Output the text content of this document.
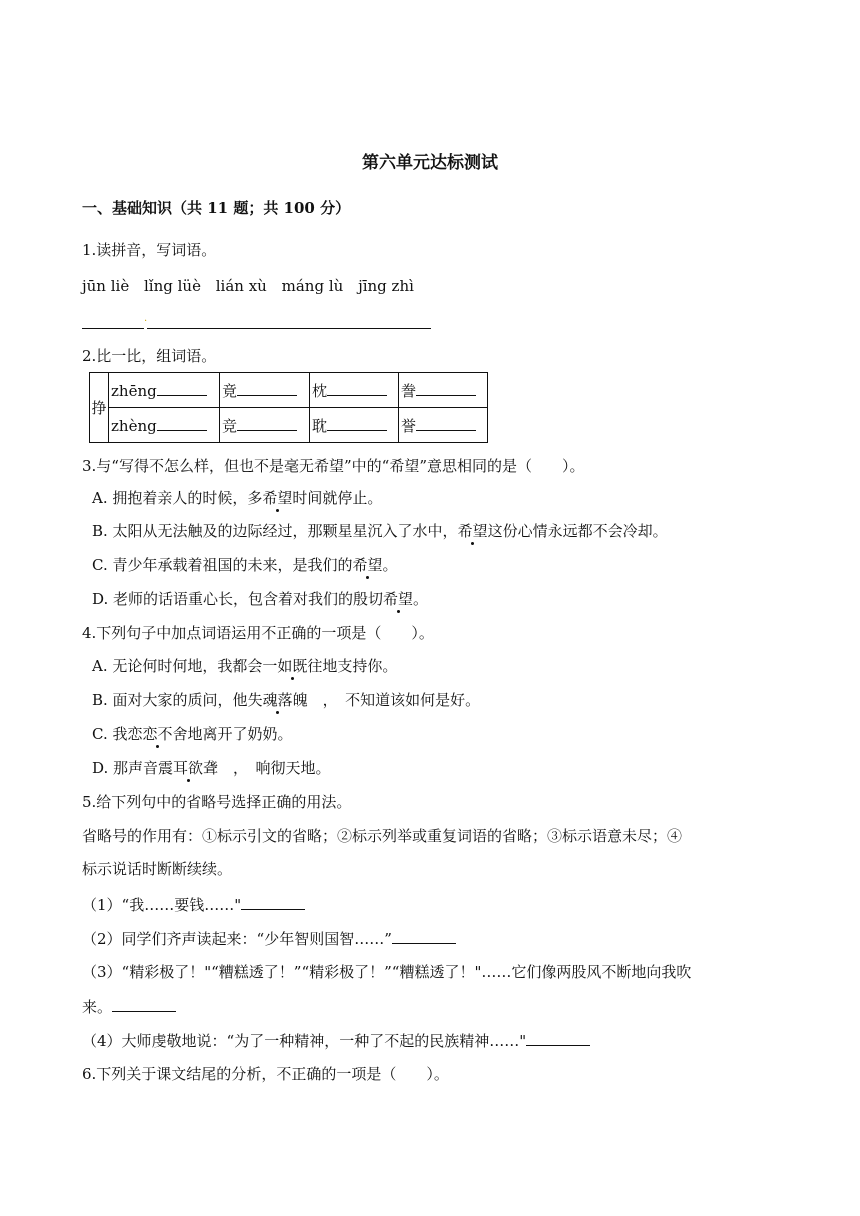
第六单元达标测试
一、基础知识（共 11 题；共 100 分）
1.读拼音，写词语。
jūn liè lǐng lüè lián xù máng lù jīng zhì
.
2.比一比，组词语。
挣	zhēng	竟	枕	誊
	zhèng	竞	耽	誉
3.与“写得不怎么样，但也不是毫无希望”中的“希望”意思相同的是（　　）。
A. 拥抱着亲人的时候，多希望时间就停止。
B. 太阳从无法触及的边际经过，那颗星星沉入了水中，希望这份心情永远都不会冷却。
C. 青少年承载着祖国的未来，是我们的希望。
D. 老师的话语重心长，包含着对我们的殷切希望。
4.下列句子中加点词语运用不正确的一项是（　　）。
A. 无论何时何地，我都会一如既往地支持你。
B. 面对大家的质问，他失魂落魄　，　不知道该如何是好。
C. 我恋恋不舍地离开了奶奶。
D. 那声音震耳欲聋　，　响彻天地。
5.给下列句中的省略号选择正确的用法。
省略号的作用有：①标示引文的省略；②标示列举或重复词语的省略；③标示语意未尽；④
标示说话时断断续续。
（1）“我……要钱……"
（2）同学们齐声读起来：“少年智则国智……”
（3）“精彩极了！"“糟糕透了！”“精彩极了！”“糟糕透了！"……它们像两股风不断地向我吹
来。
（4）大师虔敬地说：“为了一种精神，一种了不起的民族精神……"
6.下列关于课文结尾的分析，不正确的一项是（　　）。
